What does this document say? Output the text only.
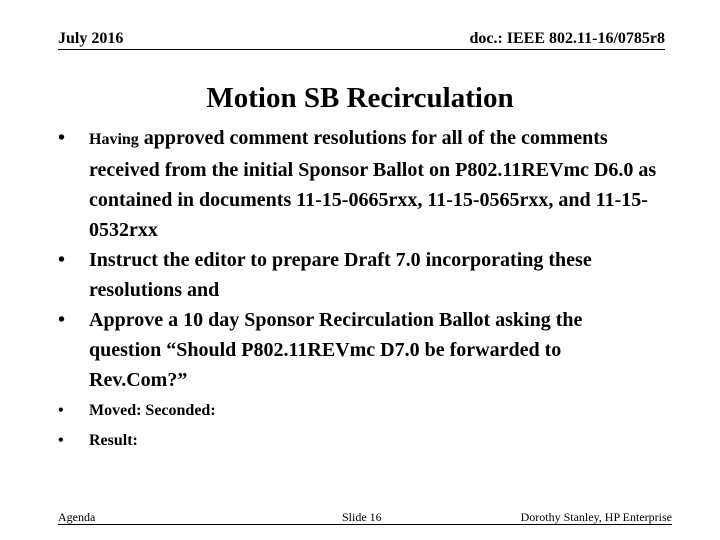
July 2016	doc.: IEEE 802.11-16/0785r8
Motion SB Recirculation
• Having approved comment resolutions for all of the comments received from the initial Sponsor Ballot on P802.11REVmc D6.0 as contained in documents 11-15-0665rxx, 11-15-0565rxx, and 11-15-0532rxx
• Instruct the editor to prepare Draft 7.0 incorporating these resolutions and
• Approve a 10 day Sponsor Recirculation Ballot asking the question “Should P802.11REVmc D7.0 be forwarded to Rev.Com?”
• Moved: Seconded:
• Result:
Agenda	Slide 16	Dorothy Stanley, HP Enterprise
